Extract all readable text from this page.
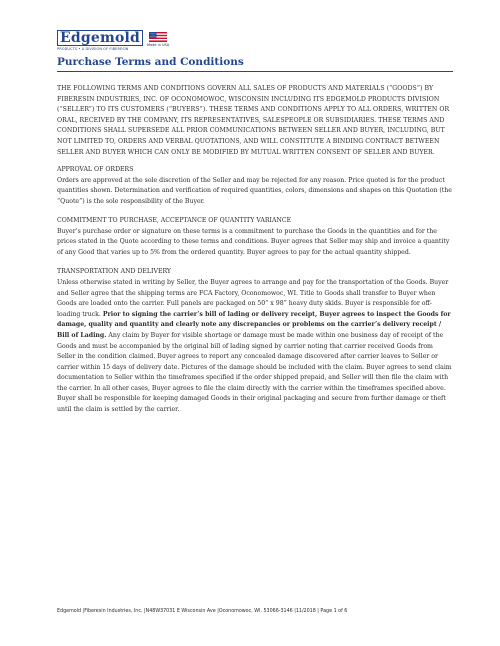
Edgemold
PRODUCTS • A DIVISION OF FIBERESIN
Made in USA
Purchase Terms and Conditions

THE FOLLOWING TERMS AND CONDITIONS GOVERN ALL SALES OF PRODUCTS AND MATERIALS (“GOODS”) BY FIBERESIN INDUSTRIES, INC. OF OCONOMOWOC, WISCONSIN INCLUDING ITS EDGEMOLD PRODUCTS DIVISION (“SELLER”) TO ITS CUSTOMERS (“BUYERS”). THESE TERMS AND CONDITIONS APPLY TO ALL ORDERS, WRITTEN OR ORAL, RECEIVED BY THE COMPANY, ITS REPRESENTATIVES, SALESPEOPLE OR SUBSIDIARIES. THESE TERMS AND CONDITIONS SHALL SUPERSEDE ALL PRIOR COMMUNICATIONS BETWEEN SELLER AND BUYER, INCLUDING, BUT NOT LIMITED TO, ORDERS AND VERBAL QUOTATIONS, AND WILL CONSTITUTE A BINDING CONTRACT BETWEEN SELLER AND BUYER WHICH CAN ONLY BE MODIFIED BY MUTUAL WRITTEN CONSENT OF SELLER AND BUYER.

APPROVAL OF ORDERS

Orders are approved at the sole discretion of the Seller and may be rejected for any reason. Price quoted is for the product quantities shown. Determination and verification of required quantities, colors, dimensions and shapes on this Quotation (the “Quote”) is the sole responsibility of the Buyer.

COMMITMENT TO PURCHASE, ACCEPTANCE OF QUANTITY VARIANCE

Buyer’s purchase order or signature on these terms is a commitment to purchase the Goods in the quantities and for the prices stated in the Quote according to these terms and conditions. Buyer agrees that Seller may ship and invoice a quantity of any Good that varies up to 5% from the ordered quantity. Buyer agrees to pay for the actual quantity shipped.

TRANSPORTATION AND DELIVERY

Unless otherwise stated in writing by Seller, the Buyer agrees to arrange and pay for the transportation of the Goods. Buyer and Seller agree that the shipping terms are FCA Factory, Oconomowoc, WI. Title to Goods shall transfer to Buyer when Goods are loaded onto the carrier. Full panels are packaged on 50” x 98” heavy duty skids. Buyer is responsible for off-loading truck. Prior to signing the carrier’s bill of lading or delivery receipt, Buyer agrees to inspect the Goods for damage, quality and quantity and clearly note any discrepancies or problems on the carrier’s delivery receipt / Bill of Lading. Any claim by Buyer for visible shortage or damage must be made within one business day of receipt of the Goods and must be accompanied by the original bill of lading signed by carrier noting that carrier received Goods from Seller in the condition claimed. Buyer agrees to report any concealed damage discovered after carrier leaves to Seller or carrier within 15 days of delivery date. Pictures of the damage should be included with the claim. Buyer agrees to send claim documentation to Seller within the timeframes specified if the order shipped prepaid, and Seller will then file the claim with the carrier. In all other cases, Buyer agrees to file the claim directly with the carrier within the timeframes specified above. Buyer shall be responsible for keeping damaged Goods in their original packaging and secure from further damage or theft until the claim is settled by the carrier.

Edgemold |Fiberesin Industries, Inc. |N48W37031 E Wisconsin Ave |Oconomowoc, WI. 53066-3146 |11/2018 | Page 1 of 6
